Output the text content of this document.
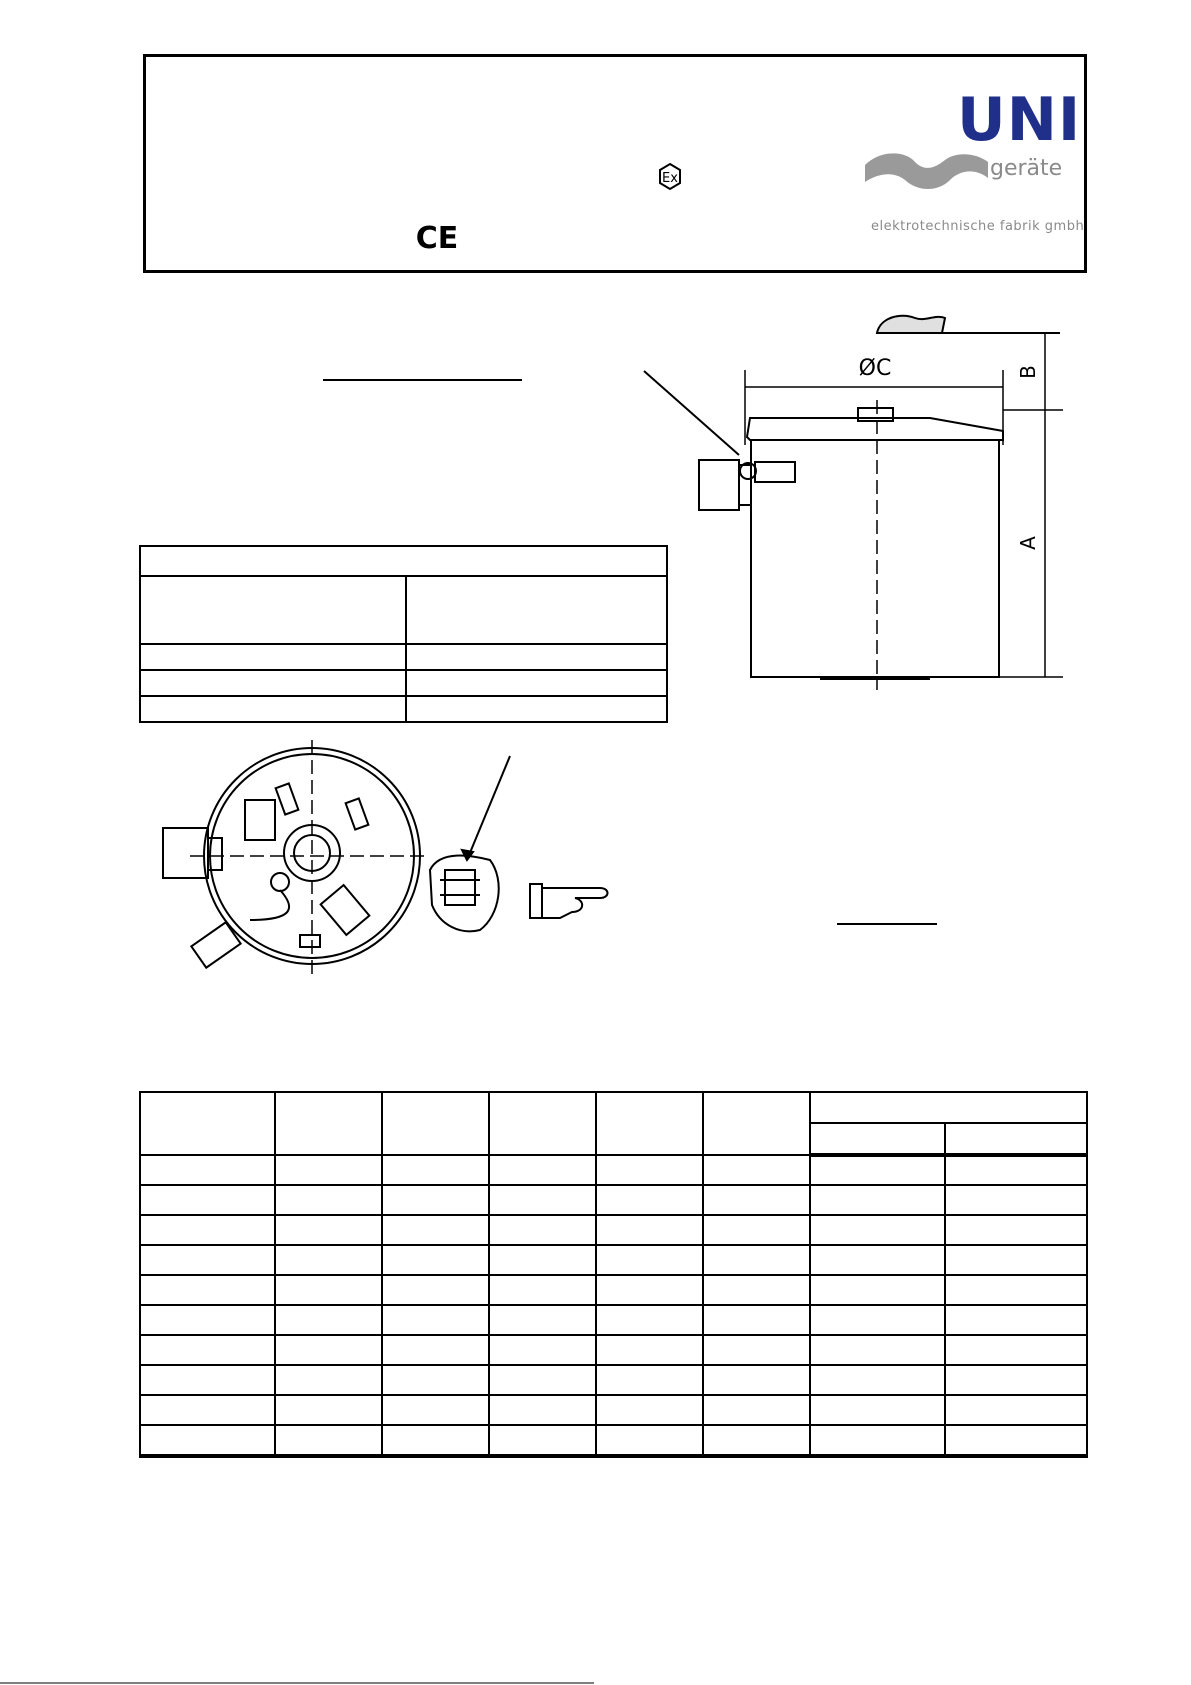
Ex
CE
ØC	B
A
UNI
geräte
elektrotechnische fabrik gmbh
